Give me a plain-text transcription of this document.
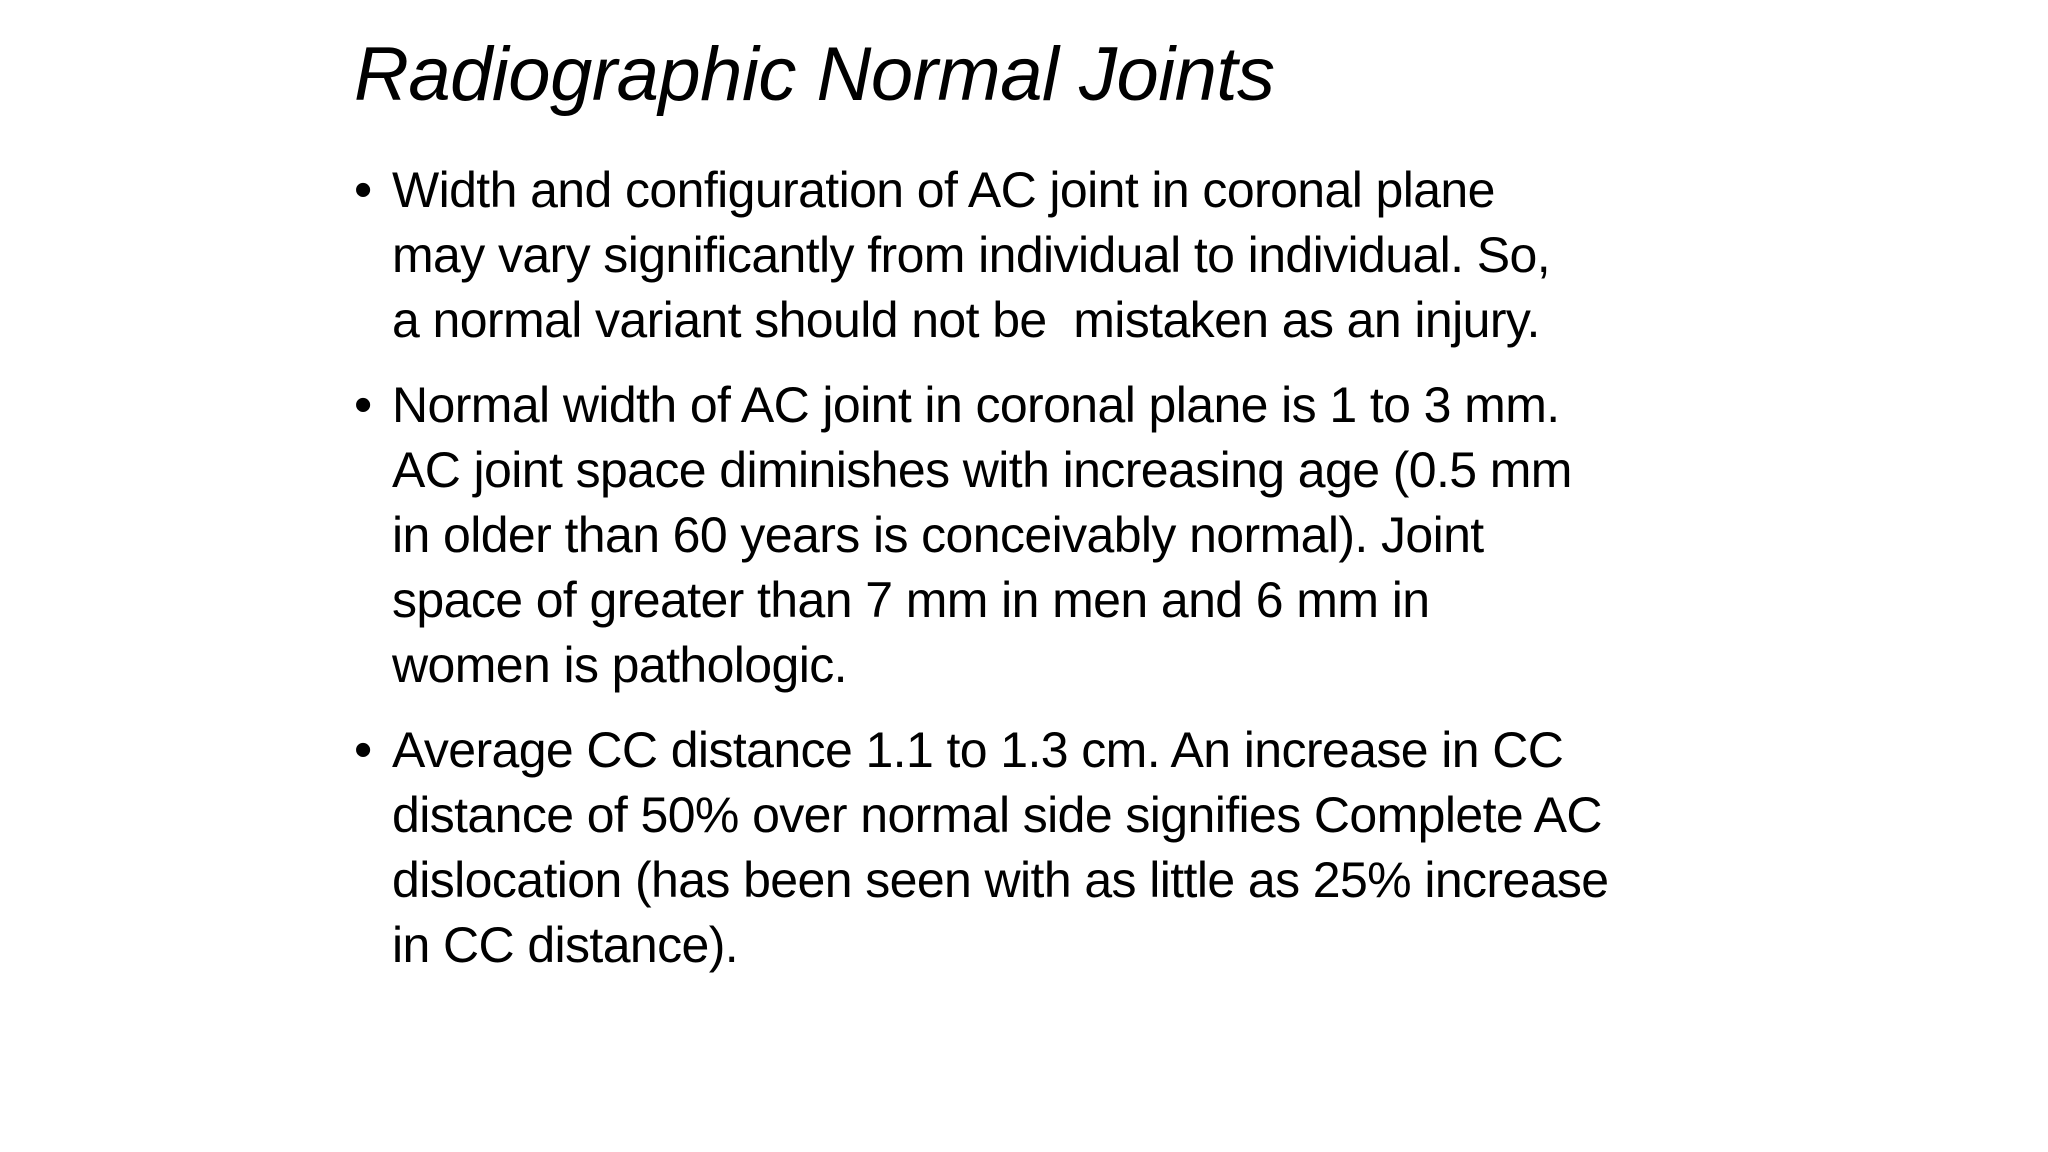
Radiographic Normal Joints
• Width and configuration of AC joint in coronal plane
may vary significantly from individual to individual. So,
a normal variant should not be  mistaken as an injury.
• Normal width of AC joint in coronal plane is 1 to 3 mm.
AC joint space diminishes with increasing age (0.5 mm
in older than 60 years is conceivably normal). Joint
space of greater than 7 mm in men and 6 mm in
women is pathologic.
• Average CC distance 1.1 to 1.3 cm. An increase in CC
distance of 50% over normal side signifies Complete AC
dislocation (has been seen with as little as 25% increase
in CC distance).
